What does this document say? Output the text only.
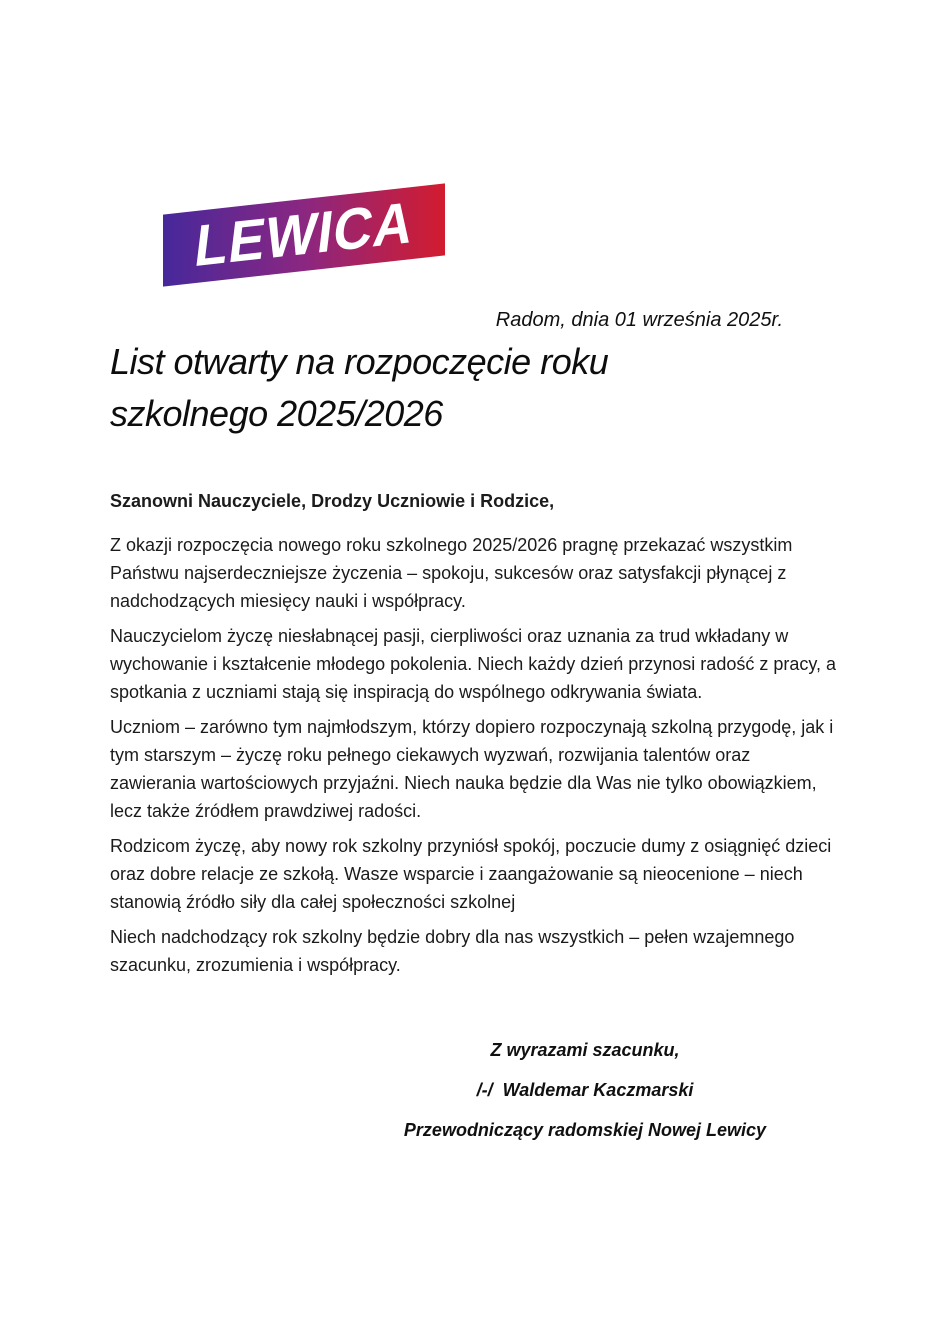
LEWICA
Radom, dnia 01 września 2025r.
List otwarty na rozpoczęcie roku
szkolnego 2025/2026

Szanowni Nauczyciele, Drodzy Uczniowie i Rodzice,

Z okazji rozpoczęcia nowego roku szkolnego 2025/2026 pragnę przekazać wszystkim Państwu najserdeczniejsze życzenia – spokoju, sukcesów oraz satysfakcji płynącej z nadchodzących miesięcy nauki i współpracy.

Nauczycielom życzę niesłabnącej pasji, cierpliwości oraz uznania za trud wkładany w wychowanie i kształcenie młodego pokolenia. Niech każdy dzień przynosi radość z pracy, a spotkania z uczniami stają się inspiracją do wspólnego odkrywania świata.

Uczniom – zarówno tym najmłodszym, którzy dopiero rozpoczynają szkolną przygodę, jak i tym starszym – życzę roku pełnego ciekawych wyzwań, rozwijania talentów oraz zawierania wartościowych przyjaźni. Niech nauka będzie dla Was nie tylko obowiązkiem, lecz także źródłem prawdziwej radości.

Rodzicom życzę, aby nowy rok szkolny przyniósł spokój, poczucie dumy z osiągnięć dzieci oraz dobre relacje ze szkołą. Wasze wsparcie i zaangażowanie są nieocenione – niech stanowią źródło siły dla całej społeczności szkolnej

Niech nadchodzący rok szkolny będzie dobry dla nas wszystkich – pełen wzajemnego szacunku, zrozumienia i współpracy.

Z wyrazami szacunku,

/-/  Waldemar Kaczmarski

Przewodniczący radomskiej Nowej Lewicy
